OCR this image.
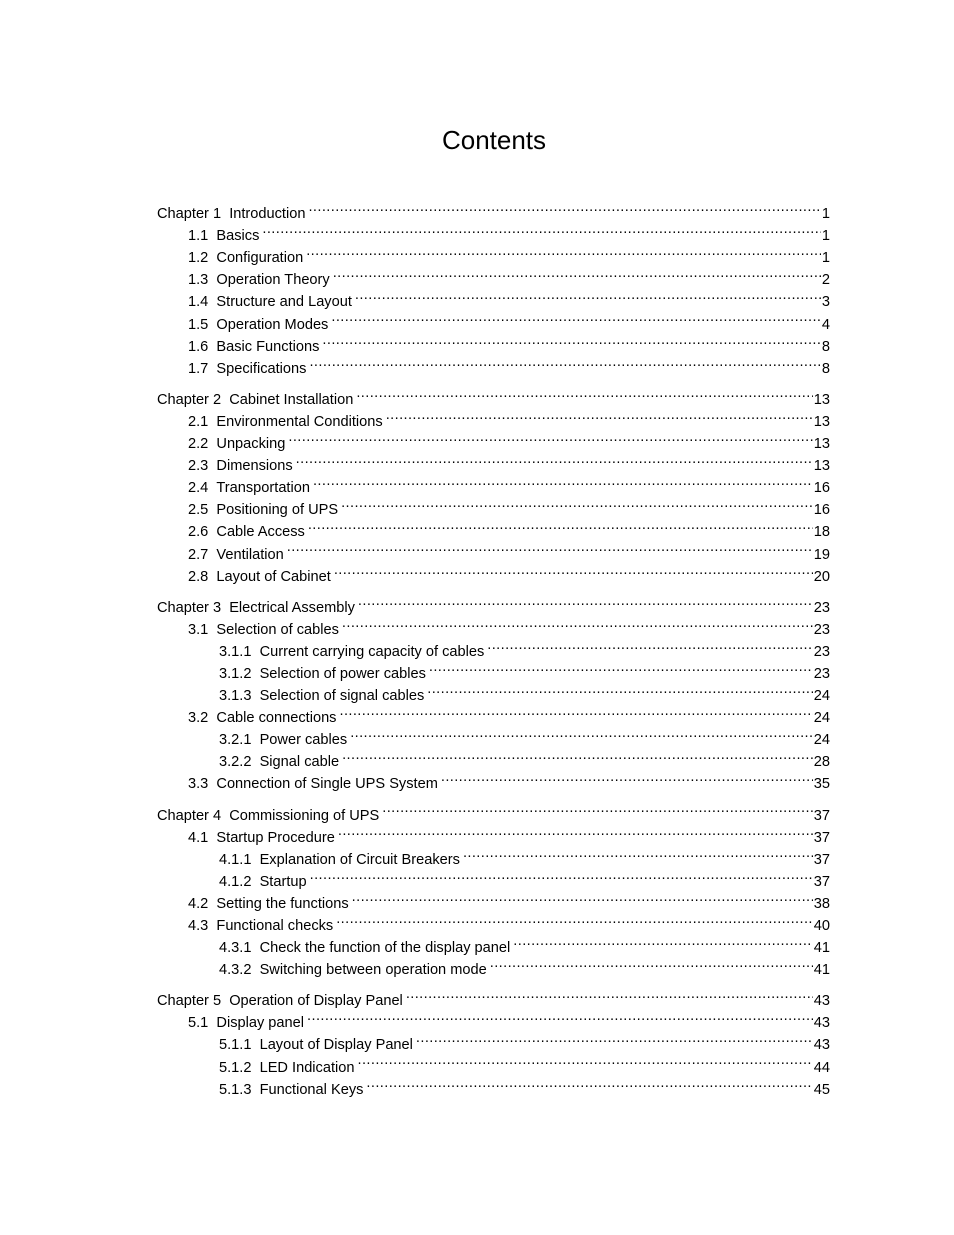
Contents
Chapter 1 Introduction .....	1
1.1 Basics .....	1
1.2 Configuration .....	1
1.3 Operation Theory .....	2
1.4 Structure and Layout .....	3
1.5 Operation Modes .....	4
1.6 Basic Functions .....	8
1.7 Specifications .....	8
Chapter 2 Cabinet Installation .....	13
2.1 Environmental Conditions .....	13
2.2 Unpacking .....	13
2.3 Dimensions .....	13
2.4 Transportation .....	16
2.5 Positioning of UPS .....	16
2.6 Cable Access .....	18
2.7 Ventilation .....	19
2.8 Layout of Cabinet .....	20
Chapter 3 Electrical Assembly .....	23
3.1 Selection of cables .....	23
3.1.1 Current carrying capacity of cables .....	23
3.1.2 Selection of power cables .....	23
3.1.3 Selection of signal cables .....	24
3.2 Cable connections .....	24
3.2.1 Power cables .....	24
3.2.2 Signal cable .....	28
3.3 Connection of Single UPS System .....	35
Chapter 4 Commissioning of UPS .....	37
4.1 Startup Procedure .....	37
4.1.1 Explanation of Circuit Breakers .....	37
4.1.2 Startup .....	37
4.2 Setting the functions .....	38
4.3 Functional checks .....	40
4.3.1 Check the function of the display panel .....	41
4.3.2 Switching between operation mode .....	41
Chapter 5 Operation of Display Panel .....	43
5.1 Display panel .....	43
5.1.1 Layout of Display Panel .....	43
5.1.2 LED Indication .....	44
5.1.3 Functional Keys .....	45
